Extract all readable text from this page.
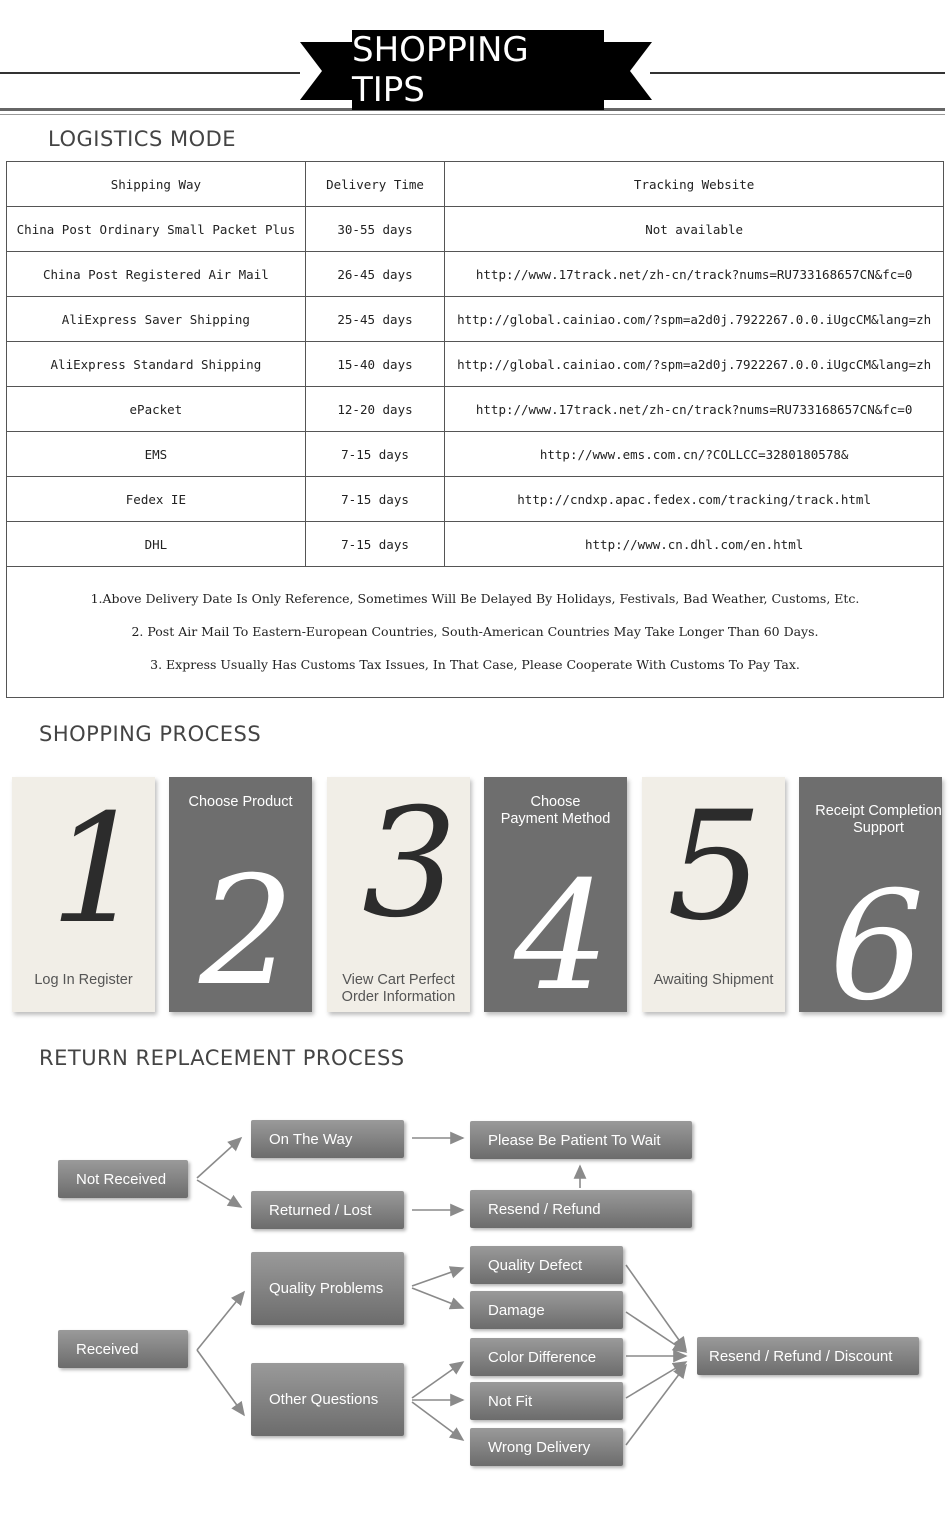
SHOPPING TIPS
LOGISTICS MODE
Shipping Way	Delivery Time	Tracking Website
China Post Ordinary Small Packet Plus	30-55 days	Not available
China Post Registered Air Mail	26-45 days	http://www.17track.net/zh-cn/track?nums=RU733168657CN&fc=0
AliExpress Saver Shipping	25-45 days	http://global.cainiao.com/?spm=a2d0j.7922267.0.0.iUgcCM&lang=zh
AliExpress Standard Shipping	15-40 days	http://global.cainiao.com/?spm=a2d0j.7922267.0.0.iUgcCM&lang=zh
ePacket	12-20 days	http://www.17track.net/zh-cn/track?nums=RU733168657CN&fc=0
EMS	7-15 days	http://www.ems.com.cn/?COLLCC=3280180578&
Fedex IE	7-15 days	http://cndxp.apac.fedex.com/tracking/track.html
DHL	7-15 days	http://www.cn.dhl.com/en.html
1.Above Delivery Date Is Only Reference, Sometimes Will Be Delayed By Holidays, Festivals, Bad Weather, Customs, Etc.
2. Post Air Mail To Eastern-European Countries, South-American Countries May Take Longer Than 60 Days.
3. Express Usually Has Customs Tax Issues, In That Case, Please Cooperate With Customs To Pay Tax.
SHOPPING PROCESS
1
Log In Register
Choose Product
2 3
View Cart Perfect
Order Information
Choose
Payment Method
4 5
Awaiting Shipment
Receipt Completion
Support
6
RETURN REPLACEMENT PROCESS
Not Received
On The Way
Returned / Lost
Please Be Patient To Wait
Resend / Refund
Received
Quality Problems
Other Questions
Quality Defect
Damage
Color Difference
Not Fit
Wrong Delivery
Resend / Refund / Discount
